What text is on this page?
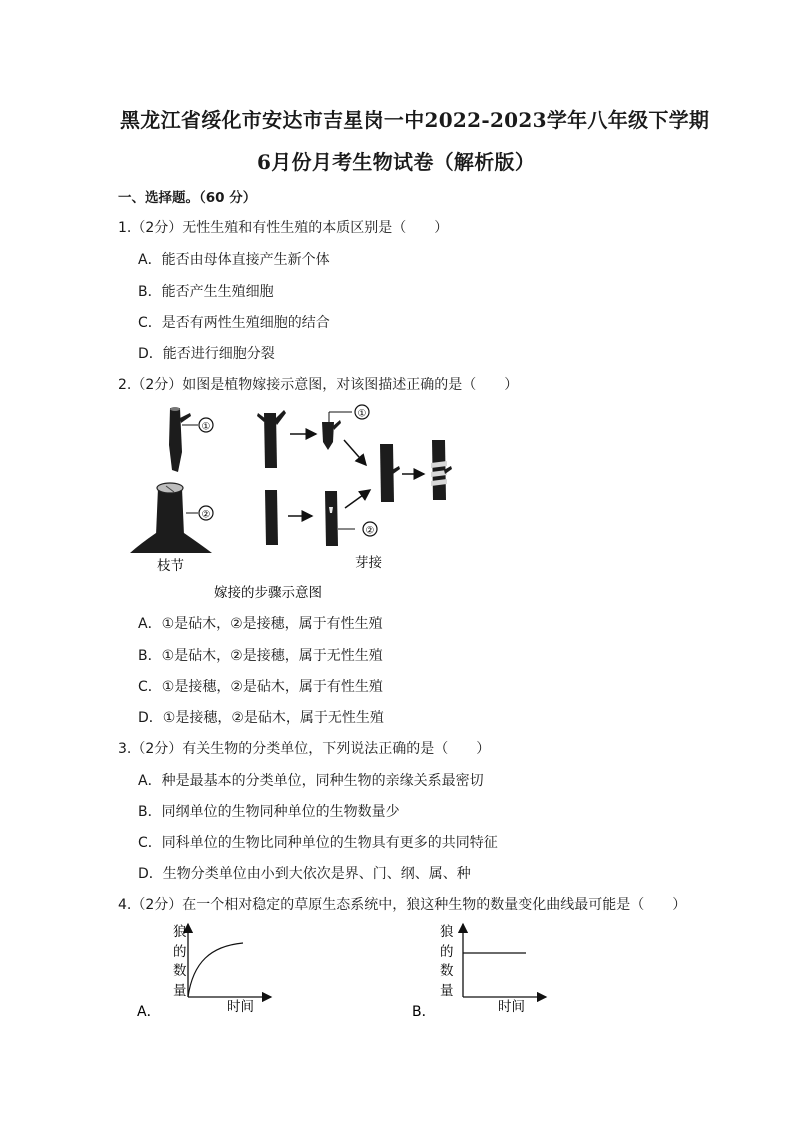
黑龙江省绥化市安达市吉星岗一中2022-2023学年八年级下学期
6月份月考生物试卷（解析版）
一、选择题。（60 分）
1.（2分）无性生殖和有性生殖的本质区别是（　　）
A．能否由母体直接产生新个体
B．能否产生生殖细胞
C．是否有两性生殖细胞的结合
D．能否进行细胞分裂
2.（2分）如图是植物嫁接示意图，对该图描述正确的是（　　）
①
②
枝节
①
②
芽接
嫁接的步骤示意图
A．①是砧木，②是接穗，属于有性生殖
B．①是砧木，②是接穗，属于无性生殖
C．①是接穗，②是砧木，属于有性生殖
D．①是接穗，②是砧木，属于无性生殖
3.（2分）有关生物的分类单位，下列说法正确的是（　　）
A．种是最基本的分类单位，同种生物的亲缘关系最密切
B．同纲单位的生物同种单位的生物数量少
C．同科单位的生物比同种单位的生物具有更多的共同特征
D．生物分类单位由小到大依次是界、门、纲、属、种
4.（2分）在一个相对稳定的草原生态系统中，狼这种生物的数量变化曲线最可能是（　　）
狼
的
数
量
时间
A．
狼
的
数
量
时间
B．
